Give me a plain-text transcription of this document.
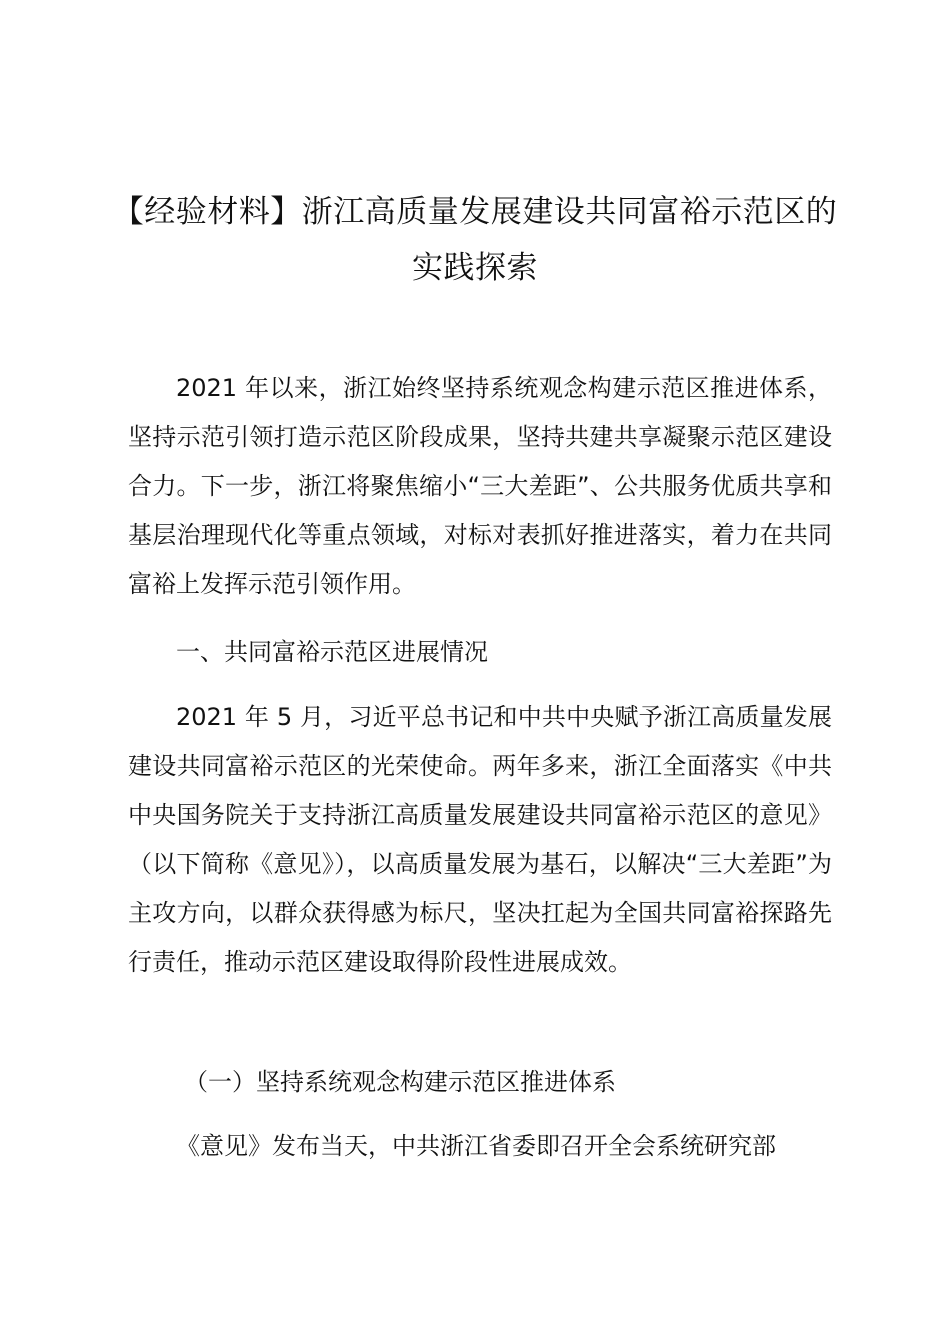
【经验材料】浙江高质量发展建设共同富裕示范区的实践探索

2021 年以来，浙江始终坚持系统观念构建示范区推进体系，坚持示范引领打造示范区阶段成果，坚持共建共享凝聚示范区建设合力。下一步，浙江将聚焦缩小“三大差距”、公共服务优质共享和基层治理现代化等重点领域，对标对表抓好推进落实，着力在共同富裕上发挥示范引领作用。

一、共同富裕示范区进展情况

2021 年 5 月，习近平总书记和中共中央赋予浙江高质量发展建设共同富裕示范区的光荣使命。两年多来，浙江全面落实《中共中央国务院关于支持浙江高质量发展建设共同富裕示范区的意见》（以下简称《意见》），以高质量发展为基石，以解决“三大差距”为主攻方向，以群众获得感为标尺，坚决扛起为全国共同富裕探路先行责任，推动示范区建设取得阶段性进展成效。

（一）坚持系统观念构建示范区推进体系

《意见》发布当天，中共浙江省委即召开全会系统研究部
